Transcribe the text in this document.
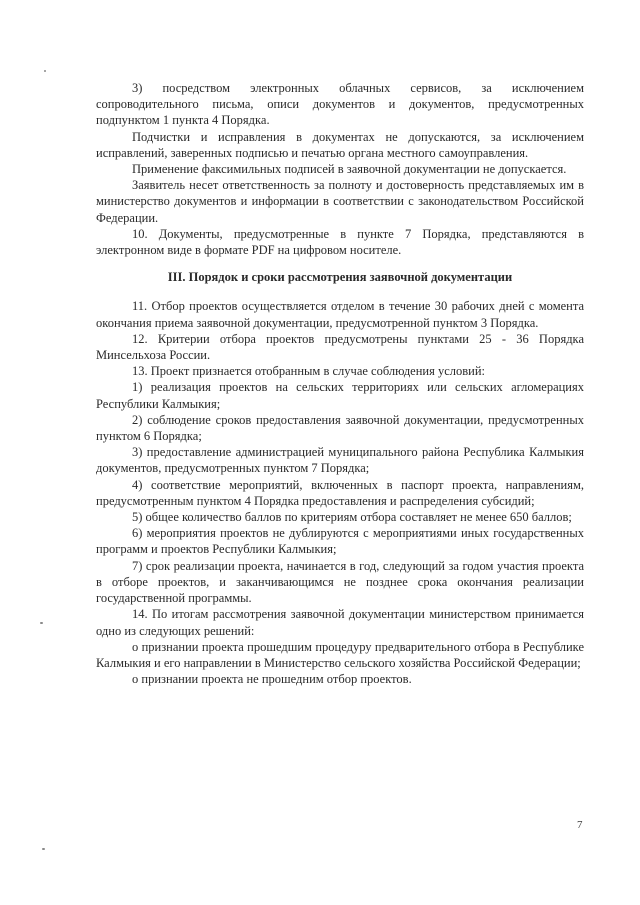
3) посредством электронных облачных сервисов, за исключением сопроводительного письма, описи документов и документов, предусмотренных подпунктом 1 пункта 4 Порядка.

Подчистки и исправления в документах не допускаются, за исключением исправлений, заверенных подписью и печатью органа местного самоуправления.

Применение факсимильных подписей в заявочной документации не допускается.

Заявитель несет ответственность за полноту и достоверность представляемых им в министерство документов и информации в соответствии с законодательством Российской Федерации.

10. Документы, предусмотренные в пункте 7 Порядка, представляются в электронном виде в формате PDF на цифровом носителе.

III. Порядок и сроки рассмотрения заявочной документации

11. Отбор проектов осуществляется отделом в течение 30 рабочих дней с момента окончания приема заявочной документации, предусмотренной пунктом 3 Порядка.

12. Критерии отбора проектов предусмотрены пунктами 25 - 36 Порядка Минсельхоза России.

13. Проект признается отобранным в случае соблюдения условий:

1) реализация проектов на сельских территориях или сельских агломерациях Республики Калмыкия;

2) соблюдение сроков предоставления заявочной документации, предусмотренных пунктом 6 Порядка;

3) предоставление администрацией муниципального района Республика Калмыкия документов, предусмотренных пунктом 7 Порядка;

4) соответствие мероприятий, включенных в паспорт проекта, направлениям, предусмотренным пунктом 4 Порядка предоставления и распределения субсидий;

5) общее количество баллов по критериям отбора составляет не менее 650 баллов;

6) мероприятия проектов не дублируются с мероприятиями иных государственных программ и проектов Республики Калмыкия;

7) срок реализации проекта, начинается в год, следующий за годом участия проекта в отборе проектов, и заканчивающимся не позднее срока окончания реализации государственной программы.

14. По итогам рассмотрения заявочной документации министерством принимается одно из следующих решений:

о признании проекта прошедшим процедуру предварительного отбора в Республике Калмыкия и его направлении в Министерство сельского хозяйства Российской Федерации;

о признании проекта не прошедним отбор проектов.

7
